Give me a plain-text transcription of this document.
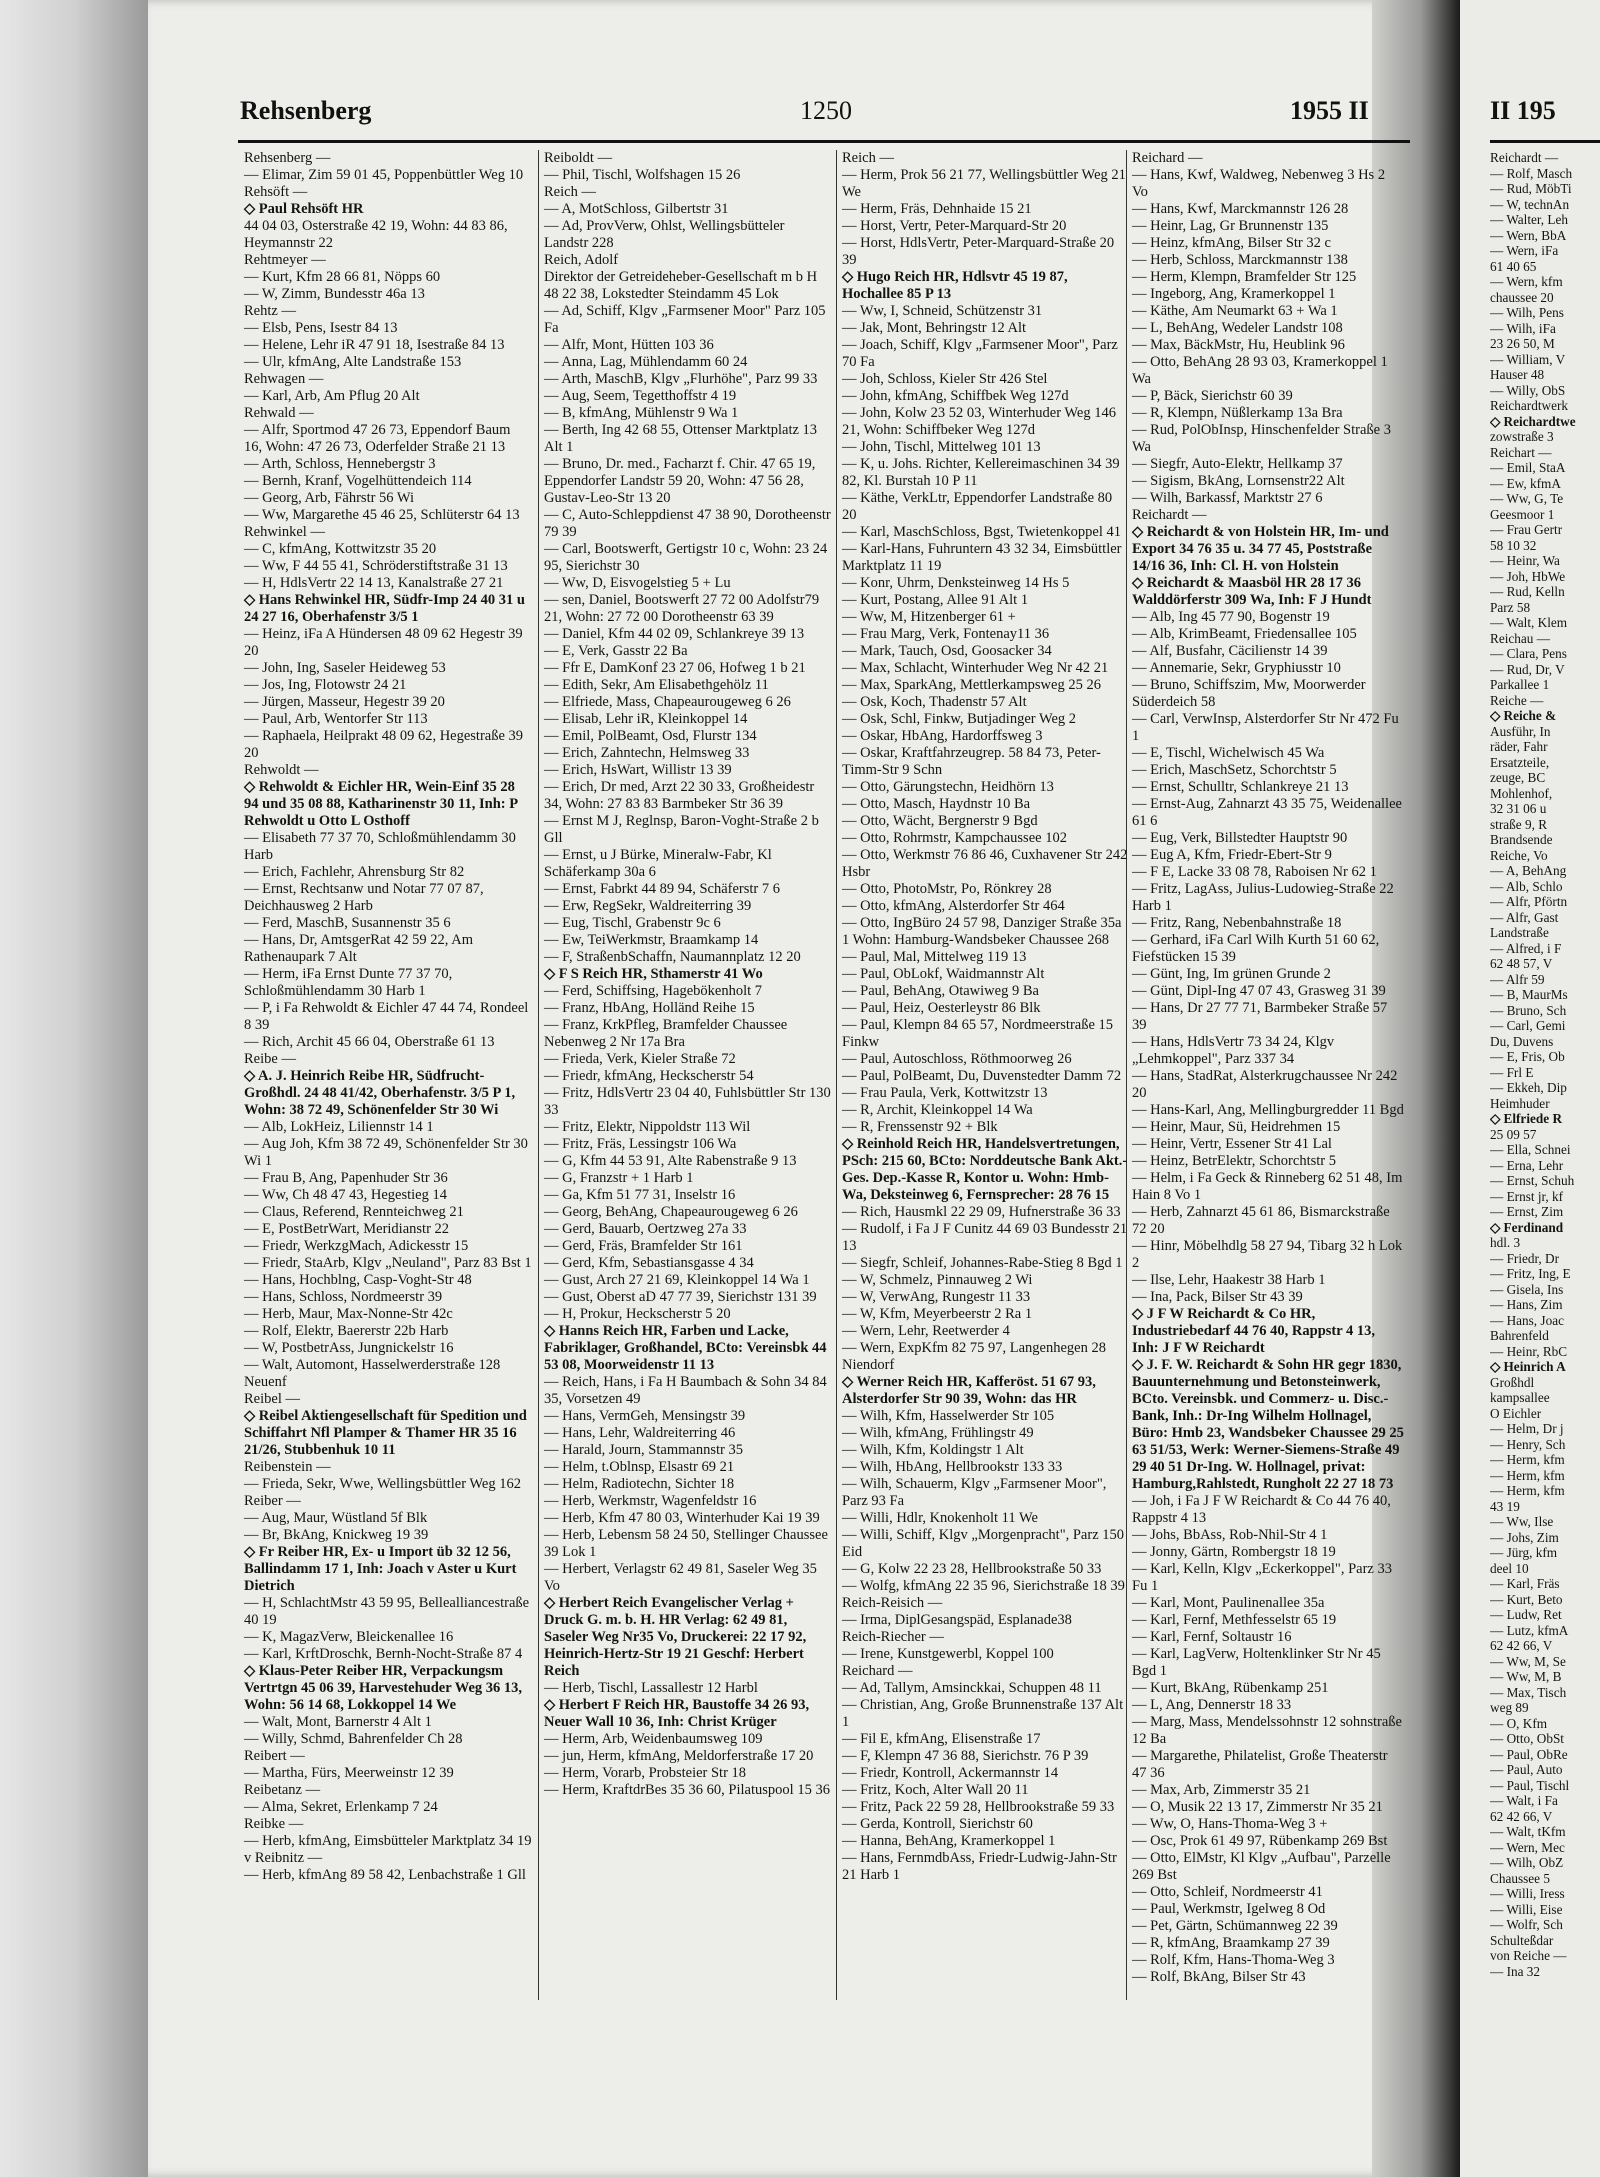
Rehsenberg	1250	1955 II	II 195

Rehsenberg —

— Elimar, Zim 59 01 45, Poppenbüttler Weg 10

Rehsöft —

◇ Paul Rehsöft HR

44 04 03, Osterstraße 42 19, Wohn: 44 83 86, Heymannstr 22

Rehtmeyer —

— Kurt, Kfm 28 66 81, Nöpps 60

— W, Zimm, Bundesstr 46a 13

Rehtz —

— Elsb, Pens, Isestr 84 13

— Helene, Lehr iR 47 91 18, Isestraße 84 13

— Ulr, kfmAng, Alte Landstraße 153

Rehwagen —

— Karl, Arb, Am Pflug 20 Alt

Rehwald —

— Alfr, Sportmod 47 26 73, Eppendorf Baum 16, Wohn: 47 26 73, Oderfelder Straße 21 13

— Arth, Schloss, Hennebergstr 3

— Bernh, Kranf, Vogelhüttendeich 114

— Georg, Arb, Fährstr 56 Wi

— Ww, Margarethe 45 46 25, Schlüterstr 64 13

Rehwinkel —

— C, kfmAng, Kottwitzstr 35 20

— Ww, F 44 55 41, Schröderstiftstraße 31 13

— H, HdlsVertr 22 14 13, Kanalstraße 27 21

◇ Hans Rehwinkel HR, Südfr-Imp 24 40 31 u 24 27 16, Oberhafenstr 3/5 1

— Heinz, iFa A Hündersen 48 09 62 Hegestr 39 20

— John, Ing, Saseler Heideweg 53

— Jos, Ing, Flotowstr 24 21

— Jürgen, Masseur, Hegestr 39 20

— Paul, Arb, Wentorfer Str 113

— Raphaela, Heilprakt 48 09 62, Hegestraße 39 20

Rehwoldt —

◇ Rehwoldt & Eichler HR, Wein-Einf 35 28 94 und 35 08 88, Katharinenstr 30 11, Inh: P Rehwoldt u Otto L Osthoff

— Elisabeth 77 37 70, Schloßmühlendamm 30 Harb

— Erich, Fachlehr, Ahrensburg Str 82

— Ernst, Rechtsanw und Notar 77 07 87, Deichhausweg 2 Harb

— Ferd, MaschB, Susannenstr 35 6

— Hans, Dr, AmtsgerRat 42 59 22, Am Rathenaupark 7 Alt

— Herm, iFa Ernst Dunte 77 37 70, Schloßmühlendamm 30 Harb 1

— P, i Fa Rehwoldt & Eichler 47 44 74, Rondeel 8 39

— Rich, Archit 45 66 04, Oberstraße 61 13

Reibe —

◇ A. J. Heinrich Reibe HR, Südfrucht-Großhdl. 24 48 41/42, Oberhafenstr. 3/5 P 1, Wohn: 38 72 49, Schönenfelder Str 30 Wi

— Alb, LokHeiz, Liliennstr 14 1

— Aug Joh, Kfm 38 72 49, Schönenfelder Str 30 Wi 1

— Frau B, Ang, Papenhuder Str 36

— Ww, Ch 48 47 43, Hegestieg 14

— Claus, Referend, Rennteichweg 21

— E, PostBetrWart, Meridianstr 22

— Friedr, WerkzgMach, Adickesstr 15

— Friedr, StaArb, Klgv „Neuland", Parz 83 Bst 1

— Hans, Hochblng, Casp-Voght-Str 48

— Hans, Schloss, Nordmeerstr 39

— Herb, Maur, Max-Nonne-Str 42c

— Rolf, Elektr, Baererstr 22b Harb

— W, PostbetrAss, Jungnickelstr 16

— Walt, Automont, Hasselwerderstraße 128 Neuenf

Reibel —

◇ Reibel Aktiengesellschaft für Spedition und Schiffahrt Nfl Plamper & Thamer HR 35 16 21/26, Stubbenhuk 10 11

Reibenstein —

— Frieda, Sekr, Wwe, Wellingsbüttler Weg 162

Reiber —

— Aug, Maur, Wüstland 5f Blk

— Br, BkAng, Knickweg 19 39

◇ Fr Reiber HR, Ex- u Import üb 32 12 56, Ballindamm 17 1, Inh: Joach v Aster u Kurt Dietrich

— H, SchlachtMstr 43 59 95, Bellealliancestraße 40 19

— K, MagazVerw, Bleickenallee 16

— Karl, KrftDroschk, Bernh-Nocht-Straße 87 4

◇ Klaus-Peter Reiber HR, Verpackungsm Vertrtgn 45 06 39, Harvestehuder Weg 36 13, Wohn: 56 14 68, Lokkoppel 14 We

— Walt, Mont, Barnerstr 4 Alt 1

— Willy, Schmd, Bahrenfelder Ch 28

Reibert —

— Martha, Fürs, Meerweinstr 12 39

Reibetanz —

— Alma, Sekret, Erlenkamp 7 24

Reibke —

— Herb, kfmAng, Eimsbütteler Marktplatz 34 19

v Reibnitz —

— Herb, kfmAng 89 58 42, Lenbachstraße 1 Gll

Reiboldt —

— Phil, Tischl, Wolfshagen 15 26

Reich —

— A, MotSchloss, Gilbertstr 31

— Ad, ProvVerw, Ohlst, Wellingsbütteler Landstr 228

Reich, Adolf

Direktor der Getreideheber-Gesellschaft m b H 48 22 38, Lokstedter Steindamm 45 Lok

— Ad, Schiff, Klgv „Farmsener Moor" Parz 105 Fa

— Alfr, Mont, Hütten 103 36

— Anna, Lag, Mühlendamm 60 24

— Arth, MaschB, Klgv „Flurhöhe", Parz 99 33

— Aug, Seem, Tegetthoffstr 4 19

— B, kfmAng, Mühlenstr 9 Wa 1

— Berth, Ing 42 68 55, Ottenser Marktplatz 13 Alt 1

— Bruno, Dr. med., Facharzt f. Chir. 47 65 19, Eppendorfer Landstr 59 20, Wohn: 47 56 28, Gustav-Leo-Str 13 20

— C, Auto-Schleppdienst 47 38 90, Dorotheenstr 79 39

— Carl, Bootswerft, Gertigstr 10 c, Wohn: 23 24 95, Sierichstr 30

— Ww, D, Eisvogelstieg 5 + Lu

— sen, Daniel, Bootswerft 27 72 00 Adolfstr79 21, Wohn: 27 72 00 Dorotheenstr 63 39

— Daniel, Kfm 44 02 09, Schlankreye 39 13

— E, Verk, Gasstr 22 Ba

— Ffr E, DamKonf 23 27 06, Hofweg 1 b 21

— Edith, Sekr, Am Elisabethgehölz 11

— Elfriede, Mass, Chapeaurougeweg 6 26

— Elisab, Lehr iR, Kleinkoppel 14

— Emil, PolBeamt, Osd, Flurstr 134

— Erich, Zahntechn, Helmsweg 33

— Erich, HsWart, Willistr 13 39

— Erich, Dr med, Arzt 22 30 33, Großheidestr 34, Wohn: 27 83 83 Barmbeker Str 36 39

— Ernst M J, Reglnsp, Baron-Voght-Straße 2 b Gll

— Ernst, u J Bürke, Mineralw-Fabr, Kl Schäferkamp 30a 6

— Ernst, Fabrkt 44 89 94, Schäferstr 7 6

— Erw, RegSekr, Waldreiterring 39

— Eug, Tischl, Grabenstr 9c 6

— Ew, TeiWerkmstr, Braamkamp 14

— F, StraßenbSchaffn, Naumannplatz 12 20

◇ F S Reich HR, Sthamerstr 41 Wo

— Ferd, Schiffsing, Hagebökenholt 7

— Franz, HbAng, Holländ Reihe 15

— Franz, KrkPfleg, Bramfelder Chaussee Nebenweg 2 Nr 17a Bra

— Frieda, Verk, Kieler Straße 72

— Friedr, kfmAng, Heckscherstr 54

— Fritz, HdlsVertr 23 04 40, Fuhlsbüttler Str 130 33

— Fritz, Elektr, Nippoldstr 113 Wil

— Fritz, Fräs, Lessingstr 106 Wa

— G, Kfm 44 53 91, Alte Rabenstraße 9 13

— G, Franzstr + 1 Harb 1

— Ga, Kfm 51 77 31, Inselstr 16

— Georg, BehAng, Chapeaurougeweg 6 26

— Gerd, Bauarb, Oertzweg 27a 33

— Gerd, Fräs, Bramfelder Str 161

— Gerd, Kfm, Sebastiansgasse 4 34

— Gust, Arch 27 21 69, Kleinkoppel 14 Wa 1

— Gust, Oberst aD 47 77 39, Sierichstr 131 39

— H, Prokur, Heckscherstr 5 20

◇ Hanns Reich HR, Farben und Lacke, Fabriklager, Großhandel, BCto: Vereinsbk 44 53 08, Moorweidenstr 11 13

— Reich, Hans, i Fa H Baumbach & Sohn 34 84 35, Vorsetzen 49

— Hans, VermGeh, Mensingstr 39

— Hans, Lehr, Waldreiterring 46

— Harald, Journ, Stammannstr 35

— Helm, t.Oblnsp, Elsastr 69 21

— Helm, Radiotechn, Sichter 18

— Herb, Werkmstr, Wagenfeldstr 16

— Herb, Kfm 47 80 03, Winterhuder Kai 19 39

— Herb, Lebensm 58 24 50, Stellinger Chaussee 39 Lok 1

— Herbert, Verlagstr 62 49 81, Saseler Weg 35 Vo

◇ Herbert Reich Evangelischer Verlag + Druck G. m. b. H. HR Verlag: 62 49 81, Saseler Weg Nr35 Vo, Druckerei: 22 17 92, Heinrich-Hertz-Str 19 21 Geschf: Herbert Reich

— Herb, Tischl, Lassallestr 12 Harbl

◇ Herbert F Reich HR, Baustoffe 34 26 93, Neuer Wall 10 36, Inh: Christ Krüger

— Herm, Arb, Weidenbaumsweg 109

— jun, Herm, kfmAng, Meldorferstraße 17 20

— Herm, Vorarb, Probsteier Str 18

— Herm, KraftdrBes 35 36 60, Pilatuspool 15 36

Reich —

— Herm, Prok 56 21 77, Wellingsbüttler Weg 21 We

— Herm, Fräs, Dehnhaide 15 21

— Horst, Vertr, Peter-Marquard-Str 20

— Horst, HdlsVertr, Peter-Marquard-Straße 20 39

◇ Hugo Reich HR, Hdlsvtr 45 19 87, Hochallee 85 P 13

— Ww, I, Schneid, Schützenstr 31

— Jak, Mont, Behringstr 12 Alt

— Joach, Schiff, Klgv „Farmsener Moor", Parz 70 Fa

— Joh, Schloss, Kieler Str 426 Stel

— John, kfmAng, Schiffbek Weg 127d

— John, Kolw 23 52 03, Winterhuder Weg 146 21, Wohn: Schiffbeker Weg 127d

— John, Tischl, Mittelweg 101 13

— K, u. Johs. Richter, Kellereimaschinen 34 39 82, Kl. Burstah 10 P 11

— Käthe, VerkLtr, Eppendorfer Landstraße 80 20

— Karl, MaschSchloss, Bgst, Twietenkoppel 41

— Karl-Hans, Fuhruntern 43 32 34, Eimsbüttler Marktplatz 11 19

— Konr, Uhrm, Denksteinweg 14 Hs 5

— Kurt, Postang, Allee 91 Alt 1

— Ww, M, Hitzenberger 61 +

— Frau Marg, Verk, Fontenay11 36

— Mark, Tauch, Osd, Goosacker 34

— Max, Schlacht, Winterhuder Weg Nr 42 21

— Max, SparkAng, Mettlerkampsweg 25 26

— Osk, Koch, Thadenstr 57 Alt

— Osk, Schl, Finkw, Butjadinger Weg 2

— Oskar, HbAng, Hardorffsweg 3

— Oskar, Kraftfahrzeugrep. 58 84 73, Peter-Timm-Str 9 Schn

— Otto, Gärungstechn, Heidhörn 13

— Otto, Masch, Haydnstr 10 Ba

— Otto, Wächt, Bergnerstr 9 Bgd

— Otto, Rohrmstr, Kampchaussee 102

— Otto, Werkmstr 76 86 46, Cuxhavener Str 242 Hsbr

— Otto, PhotoMstr, Po, Rönkrey 28

— Otto, kfmAng, Alsterdorfer Str 464

— Otto, IngBüro 24 57 98, Danziger Straße 35a 1 Wohn: Hamburg-Wandsbeker Chaussee 268

— Paul, Mal, Mittelweg 119 13

— Paul, ObLokf, Waidmannstr Alt

— Paul, BehAng, Otawiweg 9 Ba

— Paul, Heiz, Oesterleystr 86 Blk

— Paul, Klempn 84 65 57, Nordmeerstraße 15 Finkw

— Paul, Autoschloss, Röthmoorweg 26

— Paul, PolBeamt, Du, Duvenstedter Damm 72

— Frau Paula, Verk, Kottwitzstr 13

— R, Archit, Kleinkoppel 14 Wa

— R, Frenssenstr 92 + Blk

◇ Reinhold Reich HR, Handelsvertretungen, PSch: 215 60, BCto: Norddeutsche Bank Akt.-Ges. Dep.-Kasse R, Kontor u. Wohn: Hmb-Wa, Deksteinweg 6, Fernsprecher: 28 76 15

— Rich, Hausmkl 22 29 09, Hufnerstraße 36 33

— Rudolf, i Fa J F Cunitz 44 69 03 Bundesstr 21 13

— Siegfr, Schleif, Johannes-Rabe-Stieg 8 Bgd 1

— W, Schmelz, Pinnauweg 2 Wi

— W, VerwAng, Rungestr 11 33

— W, Kfm, Meyerbeerstr 2 Ra 1

— Wern, Lehr, Reetwerder 4

— Wern, ExpKfm 82 75 97, Langenhegen 28 Niendorf

◇ Werner Reich HR, Kafferöst. 51 67 93, Alsterdorfer Str 90 39, Wohn: das HR

— Wilh, Kfm, Hasselwerder Str 105

— Wilh, kfmAng, Frühlingstr 49

— Wilh, Kfm, Koldingstr 1 Alt

— Wilh, HbAng, Hellbrookstr 133 33

— Wilh, Schauerm, Klgv „Farmsener Moor", Parz 93 Fa

— Willi, Hdlr, Knokenholt 11 We

— Willi, Schiff, Klgv „Morgenpracht", Parz 150 Eid

— G, Kolw 22 23 28, Hellbrookstraße 50 33

— Wolfg, kfmAng 22 35 96, Sierichstraße 18 39

Reich-Reisich —

— Irma, DiplGesangspäd, Esplanade38

Reich-Riecher —

— Irene, Kunstgewerbl, Koppel 100

Reichard —

— Ad, Tallym, Amsinckkai, Schuppen 48 11

— Christian, Ang, Große Brunnenstraße 137 Alt 1

— Fil E, kfmAng, Elisenstraße 17

— F, Klempn 47 36 88, Sierichstr. 76 P 39

— Friedr, Kontroll, Ackermannstr 14

— Fritz, Koch, Alter Wall 20 11

— Fritz, Pack 22 59 28, Hellbrookstraße 59 33

— Gerda, Kontroll, Sierichstr 60

— Hanna, BehAng, Kramerkoppel 1

— Hans, FernmdbAss, Friedr-Ludwig-Jahn-Str 21 Harb 1

Reichard —

— Hans, Kwf, Waldweg, Nebenweg 3 Hs 2 Vo

— Hans, Kwf, Marckmannstr 126 28

— Heinr, Lag, Gr Brunnenstr 135

— Heinz, kfmAng, Bilser Str 32 c

— Herb, Schloss, Marckmannstr 138

— Herm, Klempn, Bramfelder Str 125

— Ingeborg, Ang, Kramerkoppel 1

— Käthe, Am Neumarkt 63 + Wa 1

— L, BehAng, Wedeler Landstr 108

— Max, BäckMstr, Hu, Heublink 96

— Otto, BehAng 28 93 03, Kramerkoppel 1 Wa

— P, Bäck, Sierichstr 60 39

— R, Klempn, Nüßlerkamp 13a Bra

— Rud, PolObInsp, Hinschenfelder Straße 3 Wa

— Siegfr, Auto-Elektr, Hellkamp 37

— Sigism, BkAng, Lornsenstr22 Alt

— Wilh, Barkassf, Marktstr 27 6

Reichardt —

◇ Reichardt & von Holstein HR, Im- und Export 34 76 35 u. 34 77 45, Poststraße 14/16 36, Inh: Cl. H. von Holstein

◇ Reichardt & Maasböl HR 28 17 36 Walddörferstr 309 Wa, Inh: F J Hundt

— Alb, Ing 45 77 90, Bogenstr 19

— Alb, KrimBeamt, Friedensallee 105

— Alf, Busfahr, Cäcilienstr 14 39

— Annemarie, Sekr, Gryphiusstr 10

— Bruno, Schiffszim, Mw, Moorwerder Süderdeich 58

— Carl, VerwInsp, Alsterdorfer Str Nr 472 Fu 1

— E, Tischl, Wichelwisch 45 Wa

— Erich, MaschSetz, Schorchtstr 5

— Ernst, Schulltr, Schlankreye 21 13

— Ernst-Aug, Zahnarzt 43 35 75, Weidenallee 61 6

— Eug, Verk, Billstedter Hauptstr 90

— Eug A, Kfm, Friedr-Ebert-Str 9

— F E, Lacke 33 08 78, Raboisen Nr 62 1

— Fritz, LagAss, Julius-Ludowieg-Straße 22 Harb 1

— Fritz, Rang, Nebenbahnstraße 18

— Gerhard, iFa Carl Wilh Kurth 51 60 62, Fiefstücken 15 39

— Günt, Ing, Im grünen Grunde 2

— Günt, Dipl-Ing 47 07 43, Grasweg 31 39

— Hans, Dr 27 77 71, Barmbeker Straße 57 39

— Hans, HdlsVertr 73 34 24, Klgv „Lehmkoppel", Parz 337 34

— Hans, StadRat, Alsterkrugchaussee Nr 242 20

— Hans-Karl, Ang, Mellingburgredder 11 Bgd

— Heinr, Maur, Sü, Heidrehmen 15

— Heinr, Vertr, Essener Str 41 Lal

— Heinz, BetrElektr, Schorchtstr 5

— Helm, i Fa Geck & Rinneberg 62 51 48, Im Hain 8 Vo 1

— Herb, Zahnarzt 45 61 86, Bismarckstraße 72 20

— Hinr, Möbelhdlg 58 27 94, Tibarg 32 h Lok 2

— Ilse, Lehr, Haakestr 38 Harb 1

— Ina, Pack, Bilser Str 43 39

◇ J F W Reichardt & Co HR, Industriebedarf 44 76 40, Rappstr 4 13, Inh: J F W Reichardt

◇ J. F. W. Reichardt & Sohn HR gegr 1830, Bauunternehmung und Betonsteinwerk, BCto. Vereinsbk. und Commerz- u. Disc.-Bank, Inh.: Dr-Ing Wilhelm Hollnagel, Büro: Hmb 23, Wandsbeker Chaussee 29 25 63 51/53, Werk: Werner-Siemens-Straße 49 29 40 51 Dr-Ing. W. Hollnagel, privat: Hamburg,Rahlstedt, Rungholt 22 27 18 73

— Joh, i Fa J F W Reichardt & Co 44 76 40, Rappstr 4 13

— Johs, BbAss, Rob-Nhil-Str 4 1

— Jonny, Gärtn, Rombergstr 18 19

— Karl, Kelln, Klgv „Eckerkoppel", Parz 33 Fu 1

— Karl, Mont, Paulinenallee 35a

— Karl, Fernf, Methfesselstr 65 19

— Karl, Fernf, Soltaustr 16

— Karl, LagVerw, Holtenklinker Str Nr 45 Bgd 1

— Kurt, BkAng, Rübenkamp 251

— L, Ang, Dennerstr 18 33

— Marg, Mass, Mendelssohnstr 12 sohnstraße 12 Ba

— Margarethe, Philatelist, Große Theaterstr 47 36

— Max, Arb, Zimmerstr 35 21

— O, Musik 22 13 17, Zimmerstr Nr 35 21

— Ww, O, Hans-Thoma-Weg 3 +

— Osc, Prok 61 49 97, Rübenkamp 269 Bst

— Otto, ElMstr, Kl Klgv „Aufbau", Parzelle 269 Bst

— Otto, Schleif, Nordmeerstr 41

— Paul, Werkmstr, Igelweg 8 Od

— Pet, Gärtn, Schümannweg 22 39

— R, kfmAng, Braamkamp 27 39

— Rolf, Kfm, Hans-Thoma-Weg 3

— Rolf, BkAng, Bilser Str 43

Reichardt —

— Rolf, Masch

— Rud, MöbTi

— W, technAn

— Walter, Leh

— Wern, BbA

— Wern, iFa

61 40 65

— Wern, kfm

chaussee 20

— Wilh, Pens

— Wilh, iFa

23 26 50, M

— William, V

Hauser 48

— Willy, ObS

Reichardtwerk

◇ Reichardtwe

zowstraße 3

Reichart —

— Emil, StaA

— Ew, kfmA

— Ww, G, Te

Geesmoor 1

— Frau Gertr

58 10 32

— Heinr, Wa

— Joh, HbWe

— Rud, Kelln

Parz 58

— Walt, Klem

Reichau —

— Clara, Pens

— Rud, Dr, V

Parkallee 1

Reiche —

◇ Reiche &

Ausführ, In

räder, Fahr

Ersatzteile,

zeuge, BC

Mohlenhof,

32 31 06 u

straße 9, R

Brandsende

Reiche, Vo

— A, BehAng

— Alb, Schlo

— Alfr, Pförtn

— Alfr, Gast

Landstraße

— Alfred, i F

62 48 57, V

— Alfr 59

— B, MaurMs

— Bruno, Sch

— Carl, Gemi

Du, Duvens

— E, Fris, Ob

— Frl E

— Ekkeh, Dip

Heimhuder

◇ Elfriede R

25 09 57

— Ella, Schnei

— Erna, Lehr

— Ernst, Schuh

— Ernst jr, kf

— Ernst, Zim

◇ Ferdinand

hdl. 3

— Friedr, Dr

— Fritz, Ing, E

— Gisela, Ins

— Hans, Zim

— Hans, Joac

Bahrenfeld

— Heinr, RbC

◇ Heinrich A

Großhdl

kampsallee

O Eichler

— Helm, Dr j

— Henry, Sch

— Herm, kfm

— Herm, kfm

— Herm, kfm

43 19

— Ww, Ilse

— Johs, Zim

— Jürg, kfm

deel 10

— Karl, Fräs

— Kurt, Beto

— Ludw, Ret

— Lutz, kfmA

62 42 66, V

— Ww, M, Se

— Ww, M, B

— Max, Tisch

weg 89

— O, Kfm

— Otto, ObSt

— Paul, ObRe

— Paul, Auto

— Paul, Tischl

— Walt, i Fa

62 42 66, V

— Walt, tKfm

— Wern, Mec

— Wilh, ObZ

Chaussee 5

— Willi, Iress

— Willi, Eise

— Wolfr, Sch

Schulteßdar

von Reiche —

— Ina 32
